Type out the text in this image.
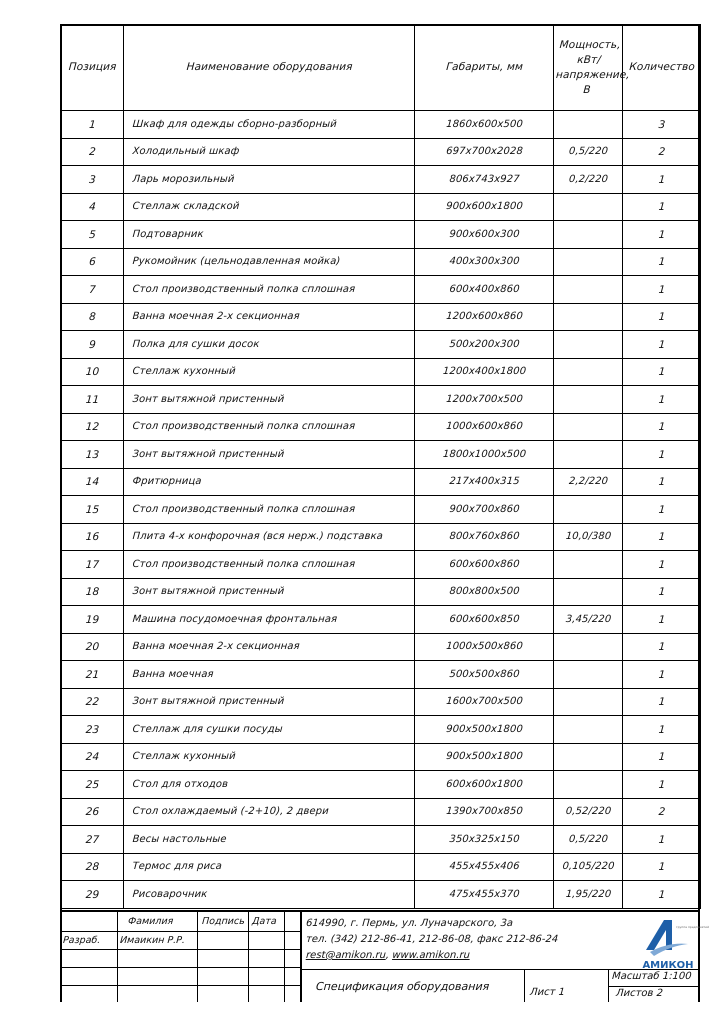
Позиция	Наименование оборудования	Габариты, мм	Мощность,
кВт/
напряжение,
В	Количество
1	Шкаф для одежды сборно-разборный	1860x600x500		3
2	Холодильный шкаф	697x700x2028	0,5/220	2
3	Ларь морозильный	806x743x927	0,2/220	1
4	Стеллаж складской	900x600x1800		1
5	Подтоварник	900x600x300		1
6	Рукомойник (цельнодавленная мойка)	400x300x300		1
7	Стол производственный полка сплошная	600x400x860		1
8	Ванна моечная 2-х секционная	1200x600x860		1
9	Полка для сушки досок	500x200x300		1
10	Стеллаж кухонный	1200x400x1800		1
11	Зонт вытяжной пристенный	1200x700x500		1
12	Стол производственный полка сплошная	1000x600x860		1
13	Зонт вытяжной пристенный	1800x1000x500		1
14	Фритюрница	217x400x315	2,2/220	1
15	Стол производственный полка сплошная	900x700x860		1
16	Плита 4-х конфорочная (вся нерж.) подставка	800x760x860	10,0/380	1
17	Стол производственный полка сплошная	600x600x860		1
18	Зонт вытяжной пристенный	800x800x500		1
19	Машина посудомоечная фронтальная	600x600x850	3,45/220	1
20	Ванна моечная 2-х секционная	1000x500x860		1
21	Ванна моечная	500x500x860		1
22	Зонт вытяжной пристенный	1600x700x500		1
23	Стеллаж для сушки посуды	900x500x1800		1
24	Стеллаж кухонный	900x500x1800		1
25	Стол для отходов	600x600x1800		1
26	Стол охлаждаемый (-2+10), 2 двери	1390x700x850	0,52/220	2
27	Весы настольные	350x325x150	0,5/220	1
28	Термос для риса	455x455x406	0,105/220	1
29	Рисоварочник	475x455x370	1,95/220	1
Фамилия	Подпись Дата
Разраб. Имаикин Р.Р.
614990, г. Пермь, ул. Луначарского, 3а
тел. (342) 212-86-41, 212-86-08, факс 212-86-24
rest@amikon.ru, www.amikon.ru
Спецификация оборудования	Лист 1
Масштаб 1:100
Листов 2
группа предприятий
АМИКОН
